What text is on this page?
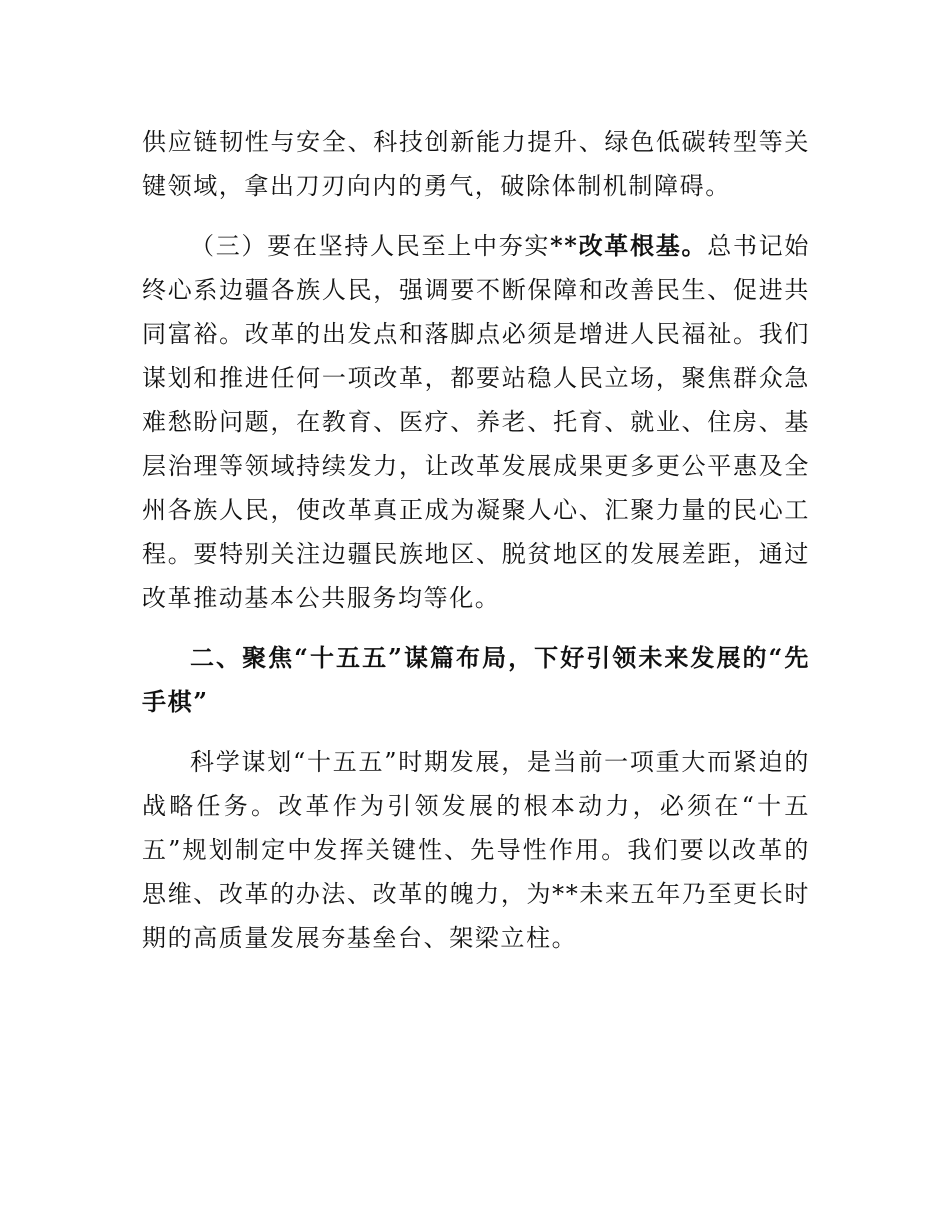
供应链韧性与安全、科技创新能力提升、绿色低碳转型等关键领域，拿出刀刃向内的勇气，破除体制机制障碍。

（三）要在坚持人民至上中夯实**改革根基。总书记始终心系边疆各族人民，强调要不断保障和改善民生、促进共同富裕。改革的出发点和落脚点必须是增进人民福祉。我们谋划和推进任何一项改革，都要站稳人民立场，聚焦群众急难愁盼问题，在教育、医疗、养老、托育、就业、住房、基层治理等领域持续发力，让改革发展成果更多更公平惠及全州各族人民，使改革真正成为凝聚人心、汇聚力量的民心工程。要特别关注边疆民族地区、脱贫地区的发展差距，通过改革推动基本公共服务均等化。

二、聚焦“十五五”谋篇布局，下好引领未来发展的“先手棋”

科学谋划“十五五”时期发展，是当前一项重大而紧迫的战略任务。改革作为引领发展的根本动力，必须在“十五五”规划制定中发挥关键性、先导性作用。我们要以改革的思维、改革的办法、改革的魄力，为**未来五年乃至更长时期的高质量发展夯基垒台、架梁立柱。
